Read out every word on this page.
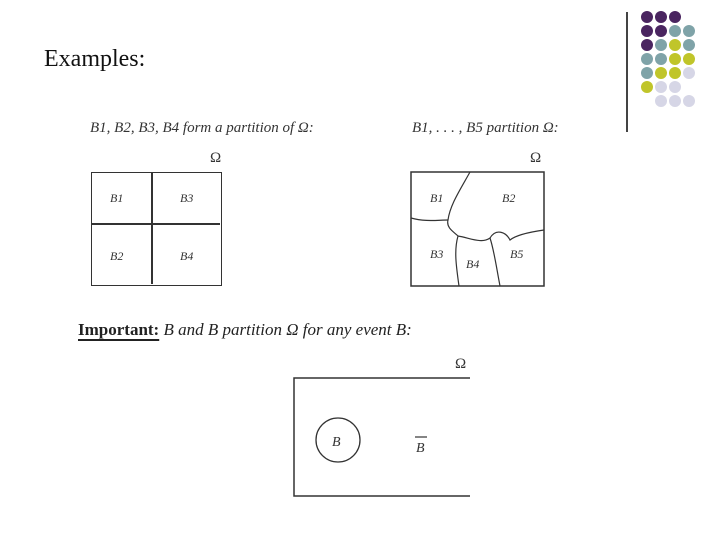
Examples:
B1, B2, B3, B4 form a partition of Ω:
Ω
B1	B3
B2	B4
B1, . . . , B5 partition Ω:
Ω
B1	B2
B3
B4
B5
Important: B and B partition Ω for any event B:
Ω
B	B
